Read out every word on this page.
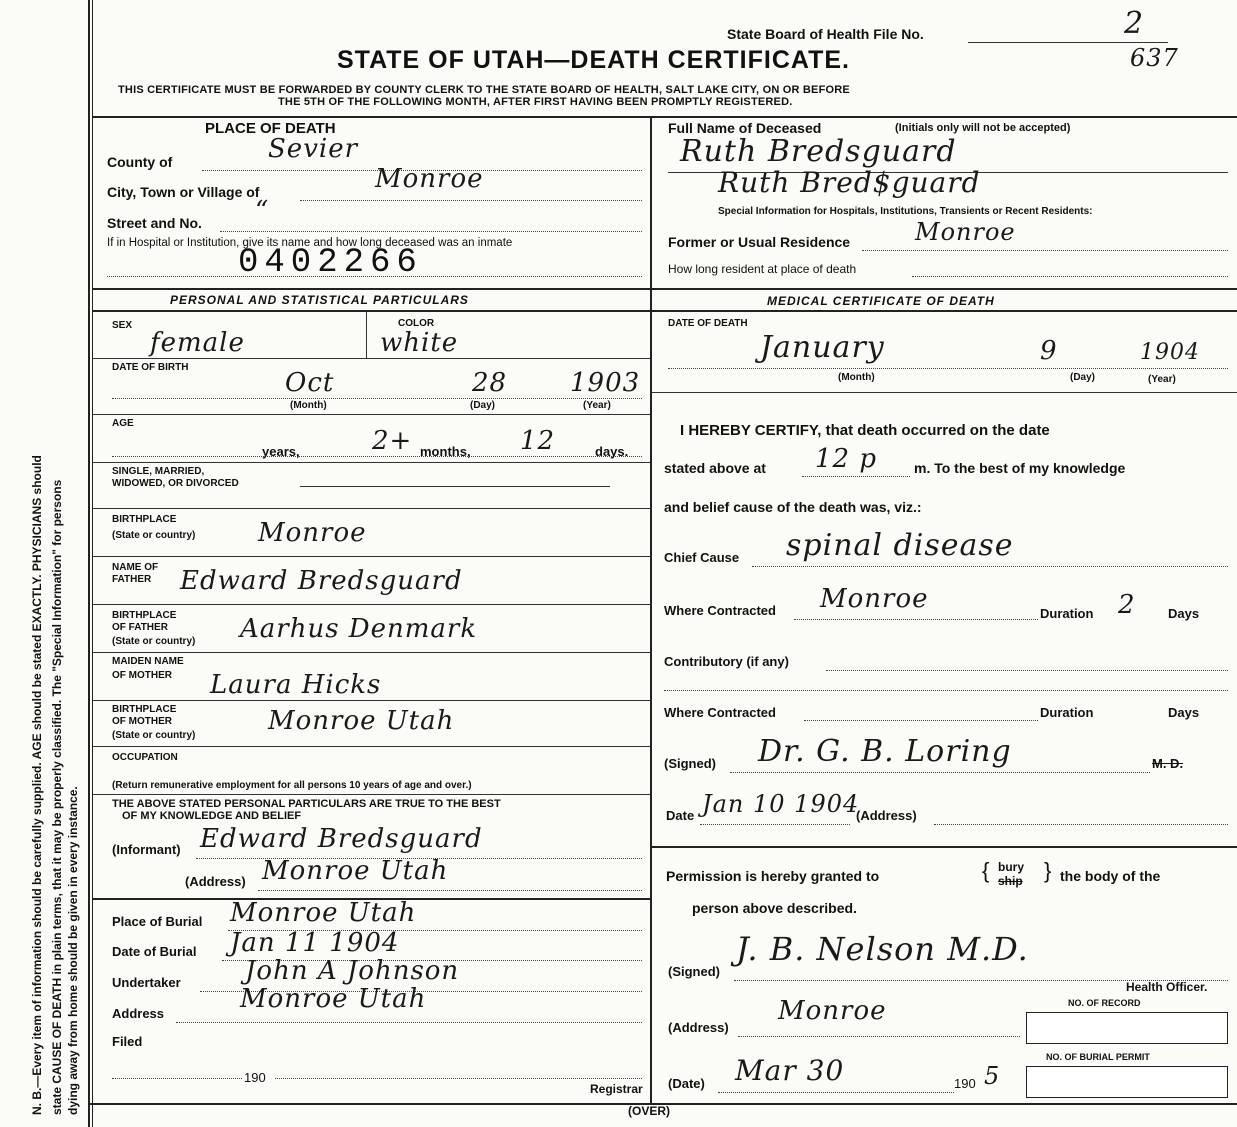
N. B.—Every item of information should be carefully supplied. AGE should be stated EXACTLY. PHYSICIANS should state CAUSE OF DEATH in plain terms, that it may be properly classified. The "Special Information" for persons dying away from home should be given in every instance.
State Board of Health File No.	2
637
STATE OF UTAH—DEATH CERTIFICATE.
THIS CERTIFICATE MUST BE FORWARDED BY COUNTY CLERK TO THE STATE BOARD OF HEALTH, SALT LAKE CITY, ON OR BEFORE
THE 5TH OF THE FOLLOWING MONTH, AFTER FIRST HAVING BEEN PROMPTLY REGISTERED.
PLACE OF DEATH
County of	Sevier
City, Town or Village of	Monroe
Street and No. “
If in Hospital or Institution, give its name and how long deceased was an inmate
0402266
Full Name of Deceased	(Initials only will not be accepted)
Ruth Bredsguard
Ruth Bred$guard
Special Information for Hospitals, Institutions, Transients or Recent Residents:
Former or Usual Residence	Monroe
How long resident at place of death
PERSONAL AND STATISTICAL PARTICULARS	MEDICAL CERTIFICATE OF DEATH
SEX	COLOR
female	white
DATE OF BIRTH
Oct	28 1903
(Month)	(Day)	(Year)
AGE
years,	2+ months, 12	days.
SINGLE, MARRIED,
WIDOWED, OR DIVORCED
BIRTHPLACE
(State or country) Monroe
NAME OF
FATHER Edward Bredsguard
BIRTHPLACE
OF FATHER
(State or country) Aarhus Denmark
MAIDEN NAME
OF MOTHER Laura Hicks
BIRTHPLACE
OF MOTHER
(State or country)	Monroe Utah
OCCUPATION
(Return remunerative employment for all persons 10 years of age and over.)
THE ABOVE STATED PERSONAL PARTICULARS ARE TRUE TO THE BEST
OF MY KNOWLEDGE AND BELIEF
(Informant) Edward Bredsguard
(Address) Monroe Utah
Place of Burial Monroe Utah
Date of Burial Jan 11 1904
Undertaker John A Johnson
Address	Monroe Utah
Filed
190
Registrar
DATE OF DEATH
January	9	1904
(Month)	(Day)	(Year)
I HEREBY CERTIFY, that death occurred on the date
stated above at 12 p	m. To the best of my knowledge
and belief cause of the death was, viz.:
Chief Cause spinal disease
Where Contracted Monroe	Duration 2 Days
Contributory (if any)
Where Contracted	Duration	Days
(Signed) Dr. G. B. Loring	M. D.
Date Jan 10 1904
(Address)
Permission is hereby granted to	{ bury
ship } the body of the
person above described.
(Signed)
J. B. Nelson M.D.
Health Officer.
NO. OF RECORD
(Address)
Monroe
NO. OF BURIAL PERMIT
(Date) Mar 30	190 5
(OVER)
